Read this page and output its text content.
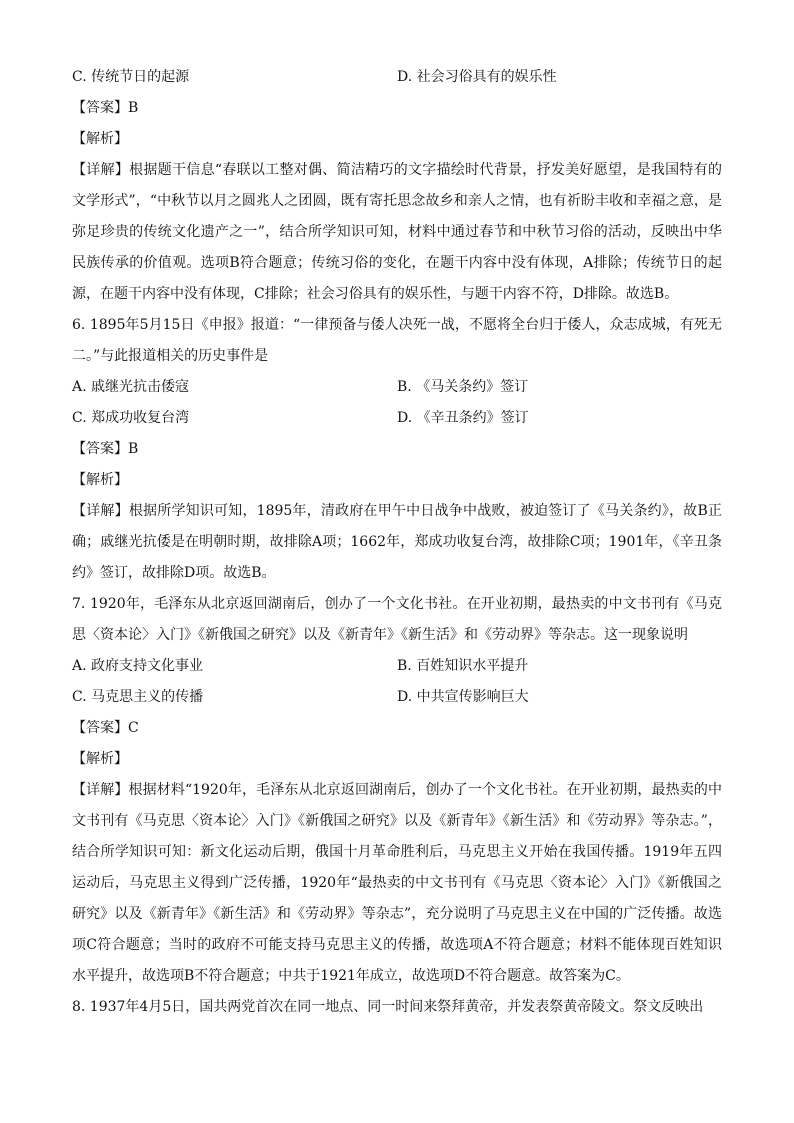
C. 传统节日的起源	D. 社会习俗具有的娱乐性
【答案】B
【解析】
【详解】根据题干信息“春联以工整对偶、简洁精巧的文字描绘时代背景，抒发美好愿望，是我国特有的文学形式”，“中秋节以月之圆兆人之团圆，既有寄托思念故乡和亲人之情，也有祈盼丰收和幸福之意，是弥足珍贵的传统文化遗产之一”，结合所学知识可知，材料中通过春节和中秋节习俗的活动，反映出中华民族传承的价值观。选项B符合题意；传统习俗的变化，在题干内容中没有体现，A排除；传统节日的起源，在题干内容中没有体现，C排除；社会习俗具有的娱乐性，与题干内容不符，D排除。故选B。
6. 1895年5月15日《申报》报道：“一律预备与倭人决死一战，不愿将全台归于倭人，众志成城，有死无二。”与此报道相关的历史事件是
A. 戚继光抗击倭寇	B. 《马关条约》签订
C. 郑成功收复台湾	D. 《辛丑条约》签订
【答案】B
【解析】
【详解】根据所学知识可知，1895年，清政府在甲午中日战争中战败，被迫签订了《马关条约》，故B正确；戚继光抗倭是在明朝时期，故排除A项；1662年，郑成功收复台湾，故排除C项；1901年，《辛丑条约》签订，故排除D项。故选B。
7. 1920年，毛泽东从北京返回湖南后，创办了一个文化书社。在开业初期，最热卖的中文书刊有《马克思〈资本论〉入门》《新俄国之研究》以及《新青年》《新生活》和《劳动界》等杂志。这一现象说明
A. 政府支持文化事业	B. 百姓知识水平提升
C. 马克思主义的传播	D. 中共宣传影响巨大
【答案】C
【解析】
【详解】根据材料“1920年，毛泽东从北京返回湖南后，创办了一个文化书社。在开业初期，最热卖的中文书刊有《马克思〈资本论〉入门》《新俄国之研究》以及《新青年》《新生活》和《劳动界》等杂志。”，结合所学知识可知：新文化运动后期，俄国十月革命胜利后，马克思主义开始在我国传播。1919年五四运动后，马克思主义得到广泛传播，1920年“最热卖的中文书刊有《马克思〈资本论〉入门》《新俄国之研究》以及《新青年》《新生活》和《劳动界》等杂志”，充分说明了马克思主义在中国的广泛传播。故选项C符合题意；当时的政府不可能支持马克思主义的传播，故选项A不符合题意；材料不能体现百姓知识水平提升，故选项B不符合题意；中共于1921年成立，故选项D不符合题意。故答案为C。
8. 1937年4月5日，国共两党首次在同一地点、同一时间来祭拜黄帝，并发表祭黄帝陵文。祭文反映出
